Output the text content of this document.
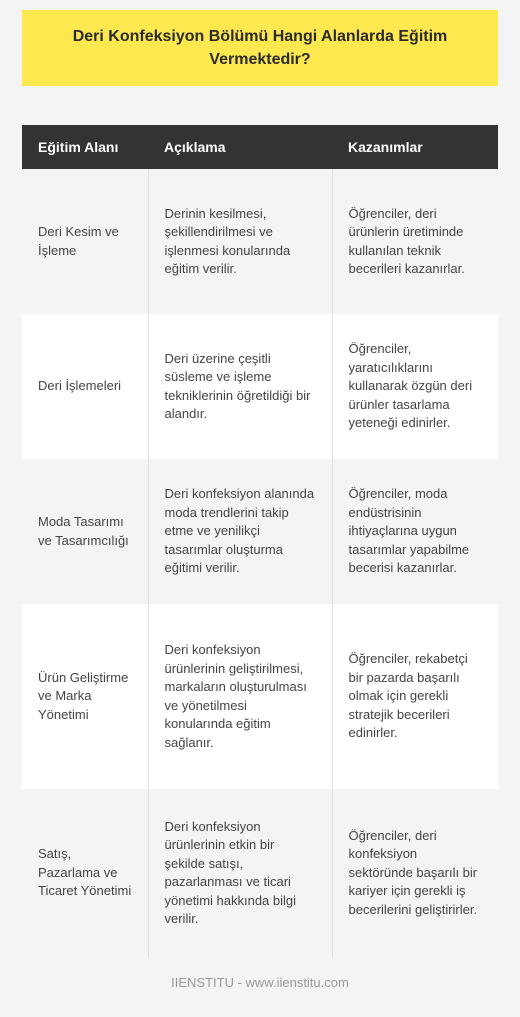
Deri Konfeksiyon Bölümü Hangi Alanlarda Eğitim Vermektedir?
Eğitim Alanı	Açıklama	Kazanımlar
Deri Kesim ve İşleme	Derinin kesilmesi, şekillendirilmesi ve işlenmesi konularında eğitim verilir.	Öğrenciler, deri ürünlerin üretiminde kullanılan teknik becerileri kazanırlar.
Deri İşlemeleri	Deri üzerine çeşitli süsleme ve işleme tekniklerinin öğretildiği bir alandır.	Öğrenciler, yaratıcılıklarını kullanarak özgün deri ürünler tasarlama yeteneği edinirler.
Moda Tasarımı ve Tasarımcılığı	Deri konfeksiyon alanında moda trendlerini takip etme ve yenilikçi tasarımlar oluşturma eğitimi verilir.	Öğrenciler, moda endüstrisinin ihtiyaçlarına uygun tasarımlar yapabilme becerisi kazanırlar.
Ürün Geliştirme ve Marka Yönetimi	Deri konfeksiyon ürünlerinin geliştirilmesi, markaların oluşturulması ve yönetilmesi konularında eğitim sağlanır.	Öğrenciler, rekabetçi bir pazarda başarılı olmak için gerekli stratejik becerileri edinirler.
Satış, Pazarlama ve Ticaret Yönetimi	Deri konfeksiyon ürünlerinin etkin bir şekilde satışı, pazarlanması ve ticari yönetimi hakkında bilgi verilir.	Öğrenciler, deri konfeksiyon sektöründe başarılı bir kariyer için gerekli iş becerilerini geliştirirler.
IIENSTITU - www.iienstitu.com
